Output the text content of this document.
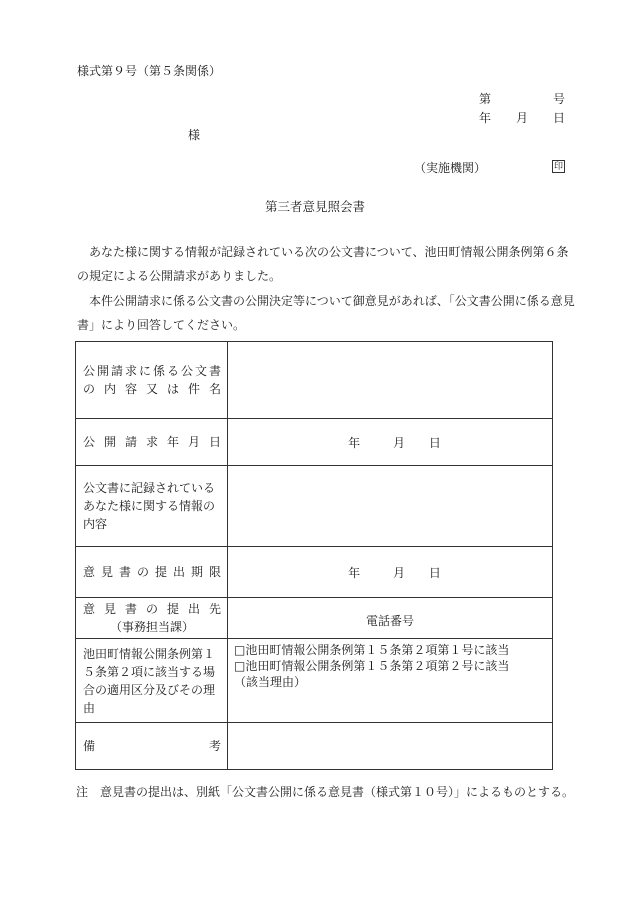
様式第９号（第５条関係）
第	号
年 月 日
様
（実施機関）	印
第三者意見照会書
あなた様に関する情報が記録されている次の公文書について、池田町情報公開条例第６条の規定による公開請求がありました。
本件公開請求に係る公文書の公開決定等について御意見があれば、「公文書公開に係る意見書」により回答してください。
公開請求に係る公文書
の内容又は件名	

公開請求年月日	年 月 日

公文書に記録されているあなた様に関する情報の内容	

意見書の提出期限	年 月 日

意見書の提出先
（事務担当課）	電話番号

池田町情報公開条例第１５条第２項に該当する場合の適用区分及びその理由	□池田町情報公開条例第１５条第２項第１号に該当
□池田町情報公開条例第１５条第２項第２号に該当
（該当理由）

備 考	

注 意見書の提出は、別紙「公文書公開に係る意見書（様式第１０号）」によるものとする。
